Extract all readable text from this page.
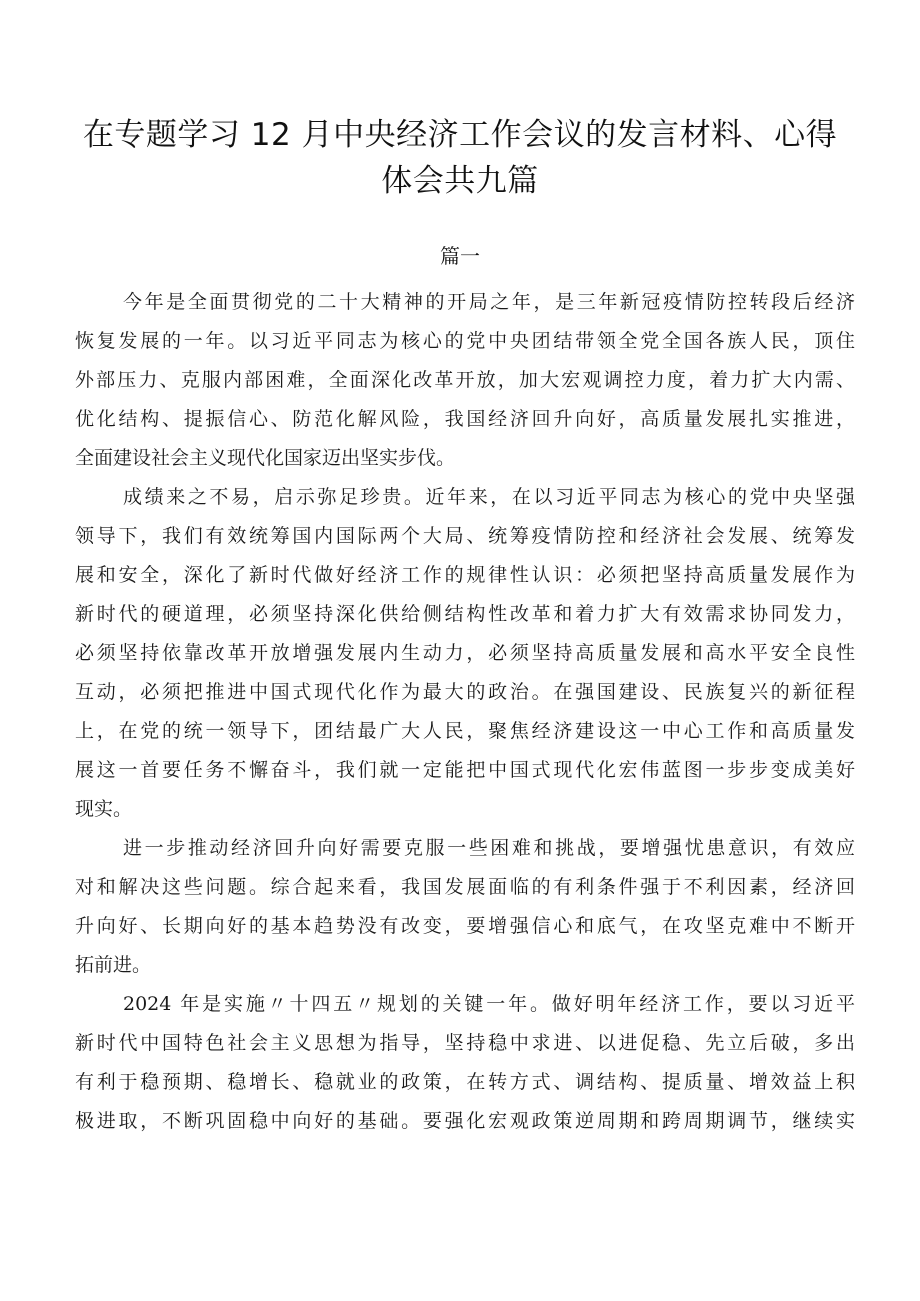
在专题学习 12 月中央经济工作会议的发言材料、心得
体会共九篇
篇一
今年是全面贯彻党的二十大精神的开局之年，是三年新冠疫情防控转段后经济
恢复发展的一年。以习近平同志为核心的党中央团结带领全党全国各族人民，顶住
外部压力、克服内部困难，全面深化改革开放，加大宏观调控力度，着力扩大内需、
优化结构、提振信心、防范化解风险，我国经济回升向好，高质量发展扎实推进，
全面建设社会主义现代化国家迈出坚实步伐。
成绩来之不易，启示弥足珍贵。近年来，在以习近平同志为核心的党中央坚强
领导下，我们有效统筹国内国际两个大局、统筹疫情防控和经济社会发展、统筹发
展和安全，深化了新时代做好经济工作的规律性认识：必须把坚持高质量发展作为
新时代的硬道理，必须坚持深化供给侧结构性改革和着力扩大有效需求协同发力，
必须坚持依靠改革开放增强发展内生动力，必须坚持高质量发展和高水平安全良性
互动，必须把推进中国式现代化作为最大的政治。在强国建设、民族复兴的新征程
上，在党的统一领导下，团结最广大人民，聚焦经济建设这一中心工作和高质量发
展这一首要任务不懈奋斗，我们就一定能把中国式现代化宏伟蓝图一步步变成美好
现实。
进一步推动经济回升向好需要克服一些困难和挑战，要增强忧患意识，有效应
对和解决这些问题。综合起来看，我国发展面临的有利条件强于不利因素，经济回
升向好、长期向好的基本趋势没有改变，要增强信心和底气，在攻坚克难中不断开
拓前进。
2024 年是实施〃十四五〃规划的关键一年。做好明年经济工作，要以习近平
新时代中国特色社会主义思想为指导，坚持稳中求进、以进促稳、先立后破，多出
有利于稳预期、稳增长、稳就业的政策，在转方式、调结构、提质量、增效益上积
极进取，不断巩固稳中向好的基础。要强化宏观政策逆周期和跨周期调节，继续实
